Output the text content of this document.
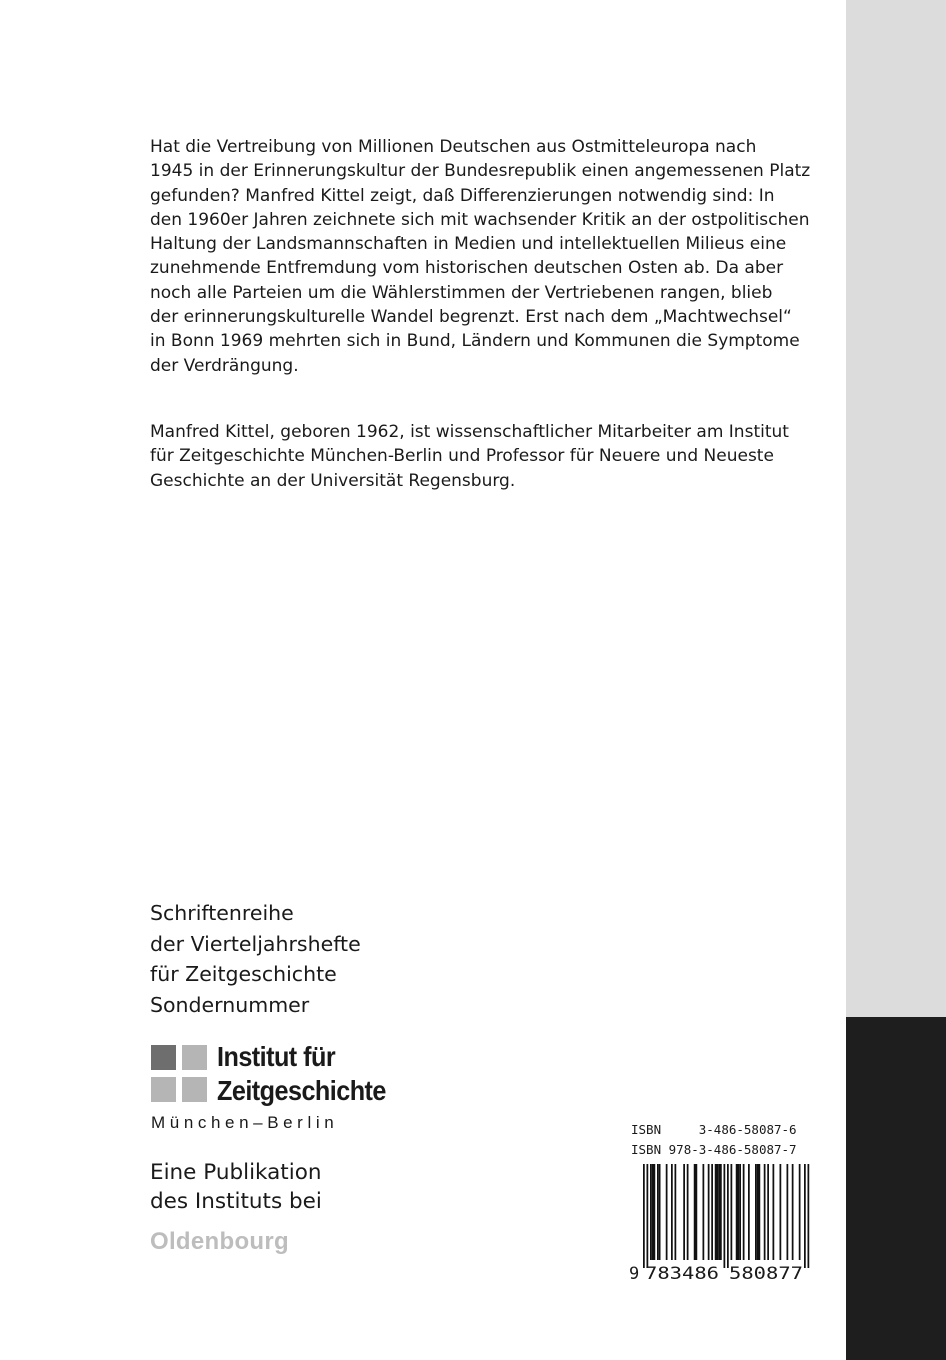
Hat die Vertreibung von Millionen Deutschen aus Ostmitteleuropa nach
1945 in der Erinnerungskultur der Bundesrepublik einen angemessenen Platz
gefunden? Manfred Kittel zeigt, daß Differenzierungen notwendig sind: In
den 1960er Jahren zeichnete sich mit wachsender Kritik an der ostpolitischen
Haltung der Landsmannschaften in Medien und intellektuellen Milieus eine
zunehmende Entfremdung vom historischen deutschen Osten ab. Da aber
noch alle Parteien um die Wählerstimmen der Vertriebenen rangen, blieb
der erinnerungskulturelle Wandel begrenzt. Erst nach dem „Machtwechsel“
in Bonn 1969 mehrten sich in Bund, Ländern und Kommunen die Symptome
der Verdrängung.

Manfred Kittel, geboren 1962, ist wissenschaftlicher Mitarbeiter am Institut
für Zeitgeschichte München-Berlin und Professor für Neuere und Neueste
Geschichte an der Universität Regensburg.

Schriftenreihe
der Vierteljahrshefte
für Zeitgeschichte
Sondernummer
Institut für
Zeitgeschichte
München–Berlin
Eine Publikation
des Instituts bei
Oldenbourg
ISBN	3-486-58087-6
ISBN 978-3-486-58087-7
9 783486 580877
